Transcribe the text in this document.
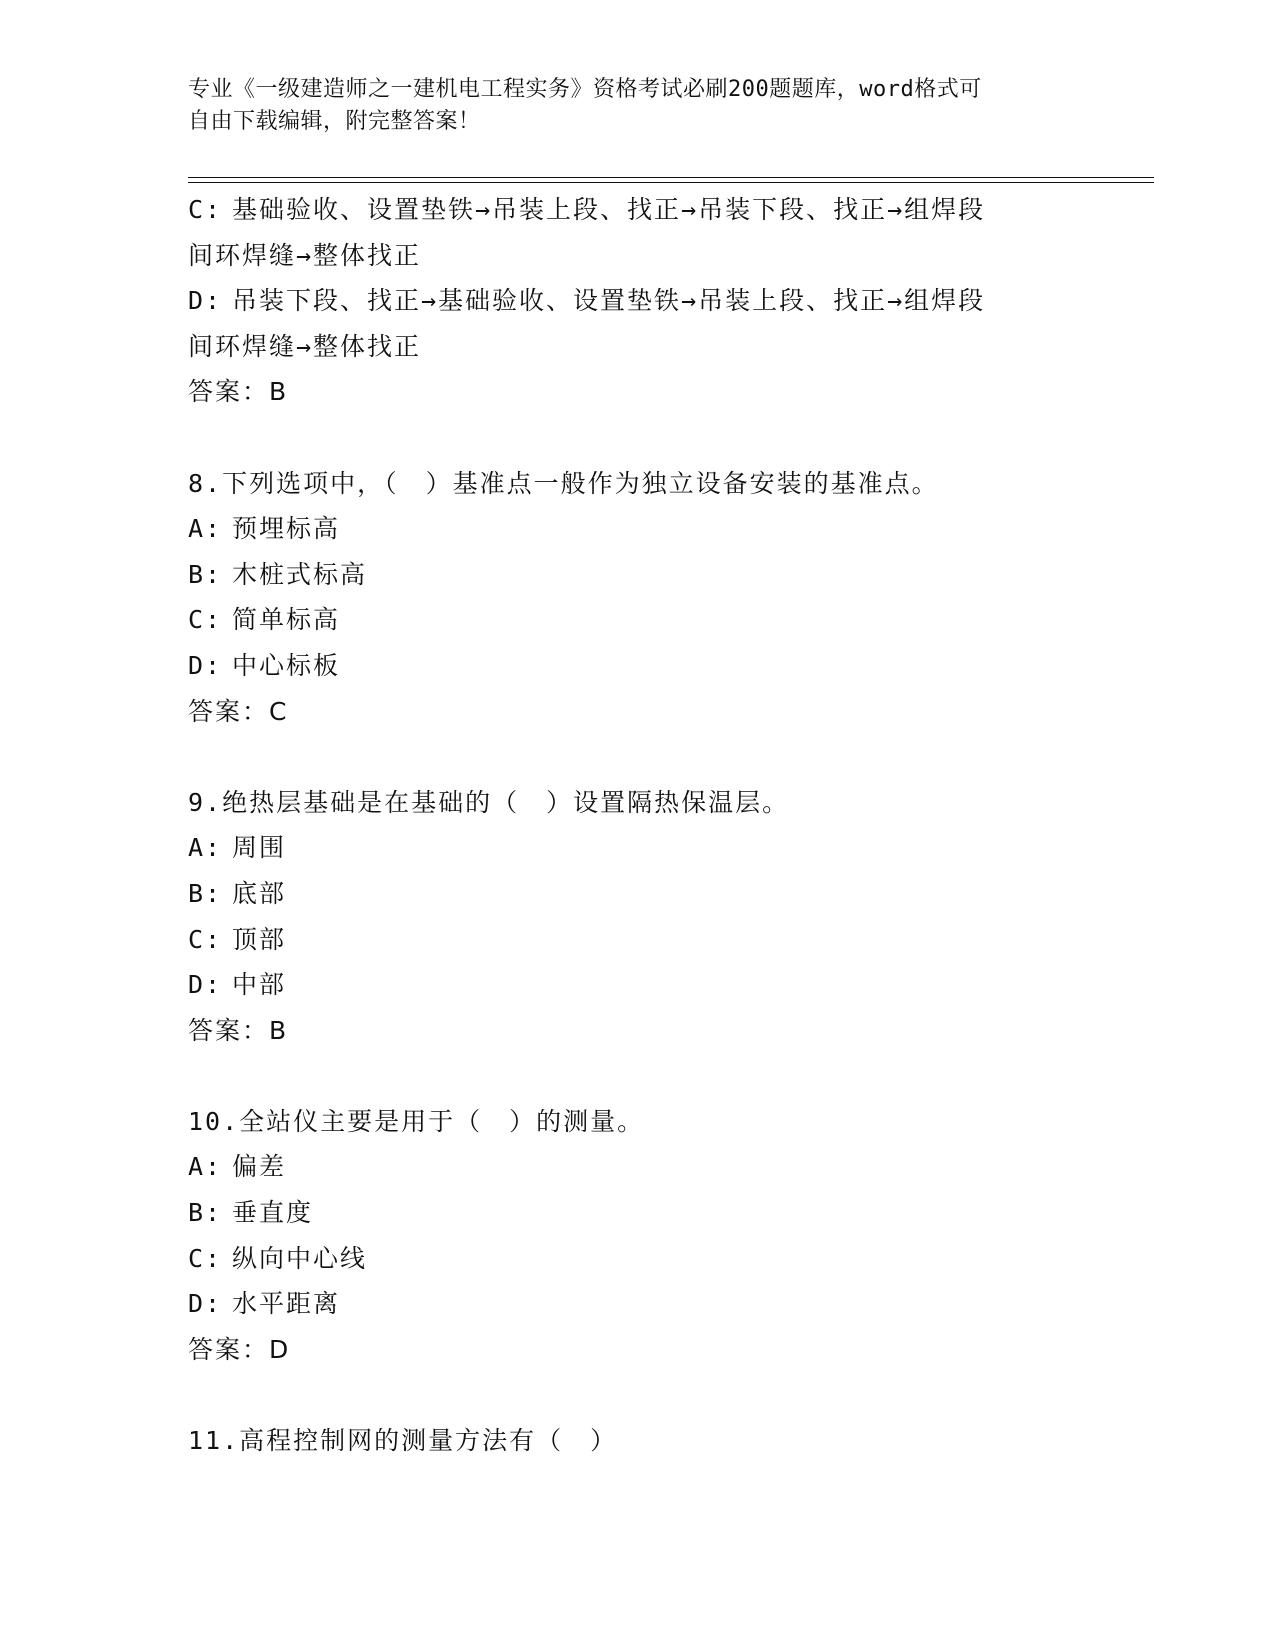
专业《一级建造师之一建机电工程实务》资格考试必刷200题题库，word格式可
自由下载编辑，附完整答案！
C: 基础验收、设置垫铁→吊装上段、找正→吊装下段、找正→组焊段
间环焊缝→整体找正
D: 吊装下段、找正→基础验收、设置垫铁→吊装上段、找正→组焊段
间环焊缝→整体找正
答案：B
8.下列选项中，（　）基准点一般作为独立设备安装的基准点。
A: 预埋标高
B: 木桩式标高
C: 简单标高
D: 中心标板
答案：C
9.绝热层基础是在基础的（　）设置隔热保温层。
A: 周围
B: 底部
C: 顶部
D: 中部
答案：B
10.全站仪主要是用于（　）的测量。
A: 偏差
B: 垂直度
C: 纵向中心线
D: 水平距离
答案：D
11.高程控制网的测量方法有（　）
